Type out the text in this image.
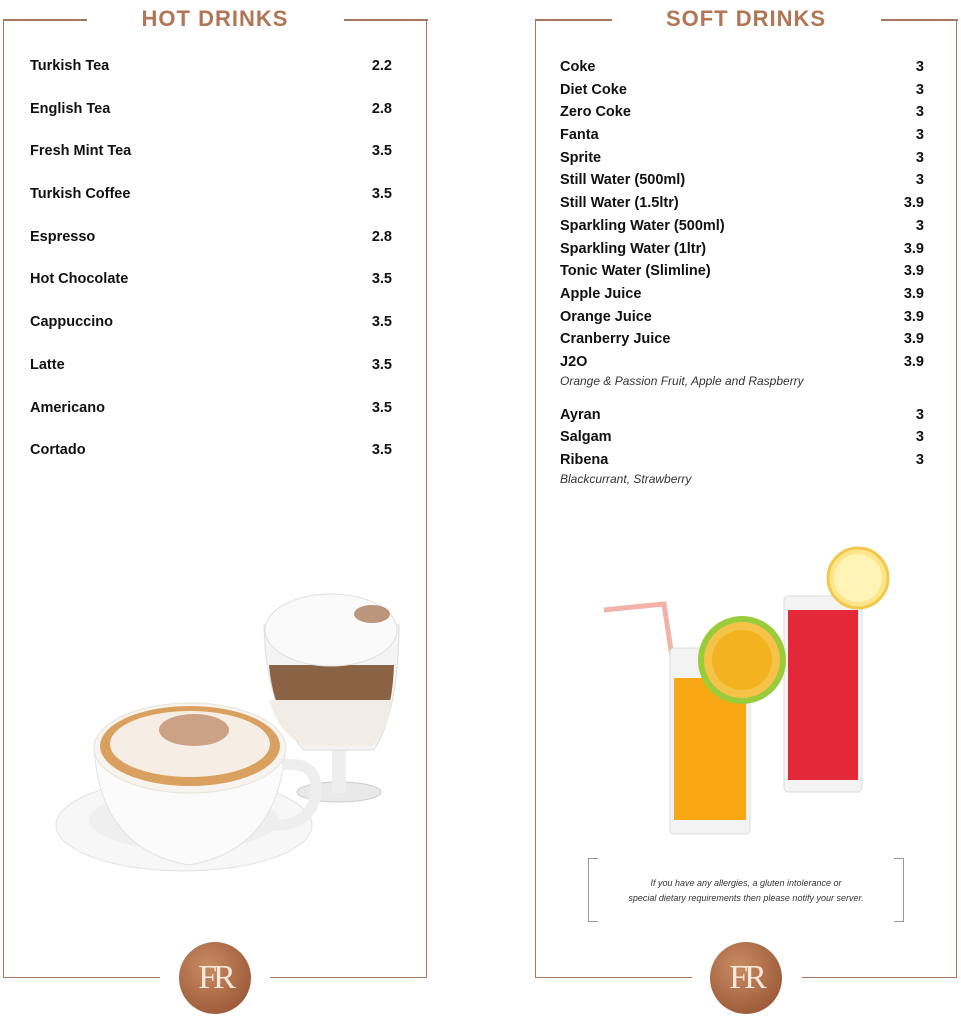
HOT DRINKS
Turkish Tea	2.2
English Tea	2.8
Fresh Mint Tea	3.5
Turkish Coffee	3.5
Espresso	2.8
Hot Chocolate	3.5
Cappuccino	3.5
Latte	3.5
Americano	3.5
Cortado	3.5
SOFT DRINKS
Coke	3
Diet Coke	3
Zero Coke	3
Fanta	3
Sprite	3
Still Water (500ml)	3
Still Water (1.5ltr)	3.9
Sparkling Water (500ml)	3
Sparkling Water (1ltr)	3.9
Tonic Water (Slimline)	3.9
Apple Juice	3.9
Orange Juice	3.9
Cranberry Juice	3.9
J2O	3.9
Orange & Passion Fruit, Apple and Raspberry
Ayran	3
Salgam	3
Ribena	3
Blackcurrant, Strawberry

If you have any allergies, a gluten intolerance or
special dietary requirements then please notify your server.

FR	FR
